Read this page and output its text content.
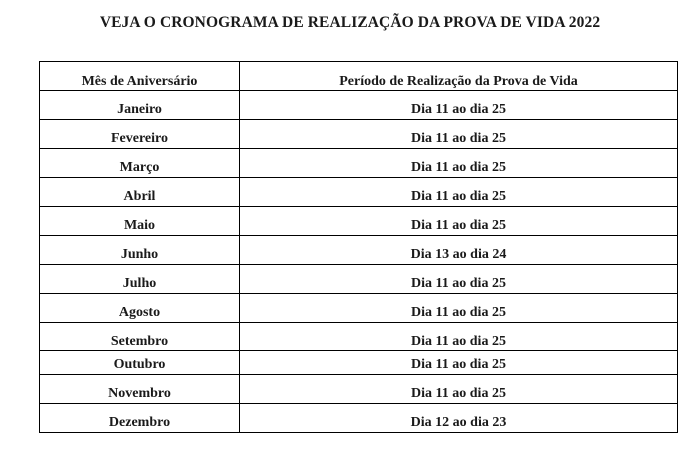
VEJA O CRONOGRAMA DE REALIZAÇÃO DA PROVA DE VIDA 2022
Mês de Aniversário	Período de Realização da Prova de Vida
Janeiro	Dia 11 ao dia 25
Fevereiro	Dia 11 ao dia 25
Março	Dia 11 ao dia 25
Abril	Dia 11 ao dia 25
Maio	Dia 11 ao dia 25
Junho	Dia 13 ao dia 24
Julho	Dia 11 ao dia 25
Agosto	Dia 11 ao dia 25
Setembro	Dia 11 ao dia 25
Outubro	Dia 11 ao dia 25
Novembro	Dia 11 ao dia 25
Dezembro	Dia 12 ao dia 23
